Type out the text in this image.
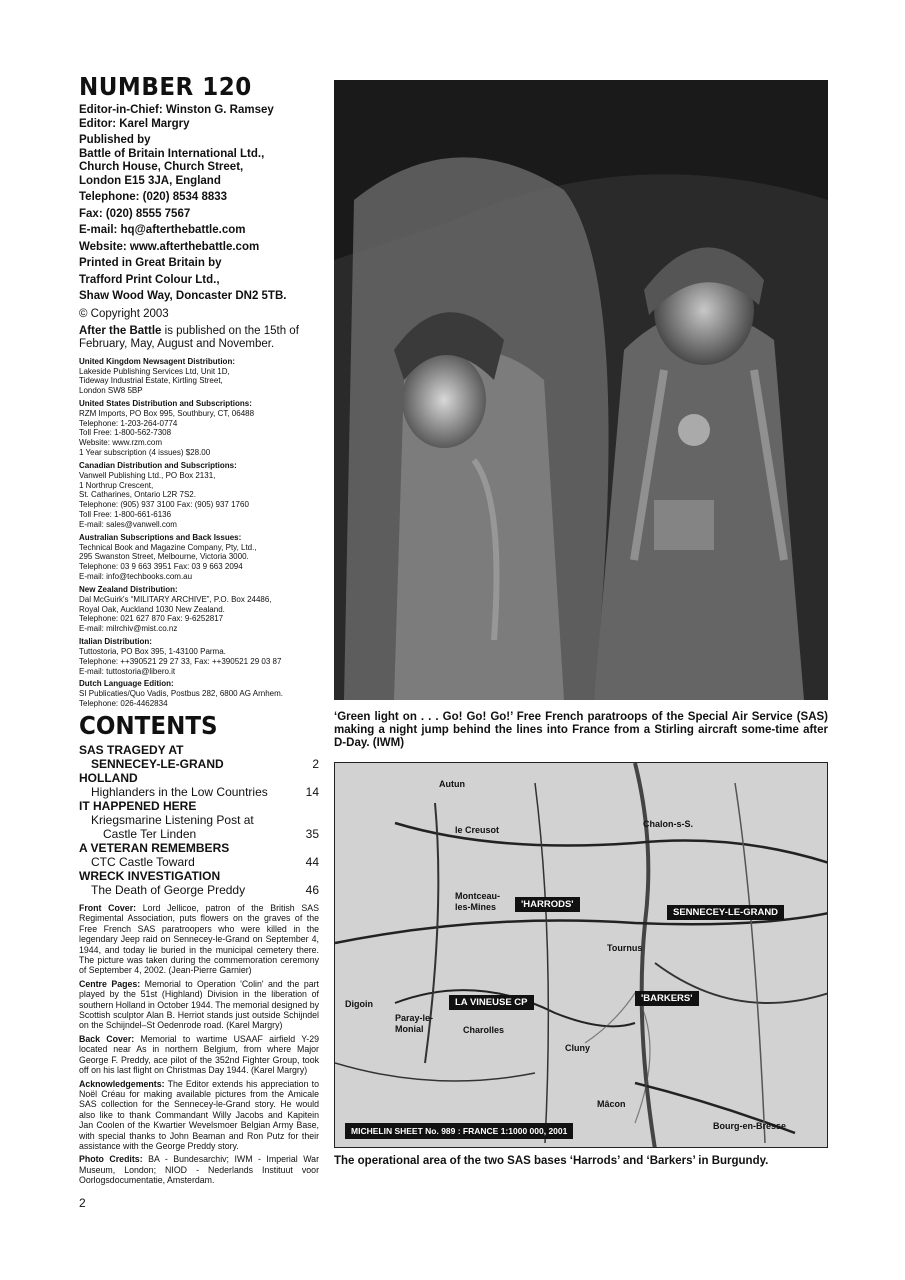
NUMBER 120
Editor-in-Chief: Winston G. Ramsey
Editor: Karel Margry
Published by
Battle of Britain International Ltd.,
Church House, Church Street,
London E15 3JA, England
Telephone: (020) 8534 8833
Fax: (020) 8555 7567
E-mail: hq@afterthebattle.com
Website: www.afterthebattle.com
Printed in Great Britain by
Trafford Print Colour Ltd.,
Shaw Wood Way, Doncaster DN2 5TB.
© Copyright 2003
After the Battle is published on the 15th of February, May, August and November.
United Kingdom Newsagent Distribution:
Lakeside Publishing Services Ltd, Unit 1D,
Tideway Industrial Estate, Kirtling Street,
London SW8 5BP
United States Distribution and Subscriptions:
RZM Imports, PO Box 995, Southbury, CT, 06488
Telephone: 1-203-264-0774
Toll Free: 1-800-562-7308
Website: www.rzm.com
1 Year subscription (4 issues) $28.00
Canadian Distribution and Subscriptions:
Vanwell Publishing Ltd., PO Box 2131,
1 Northrup Crescent,
St. Catharines, Ontario L2R 7S2.
Telephone: (905) 937 3100 Fax: (905) 937 1760
Toll Free: 1-800-661-6136
E-mail: sales@vanwell.com
Australian Subscriptions and Back Issues:
Technical Book and Magazine Company, Pty, Ltd.,
295 Swanston Street, Melbourne, Victoria 3000.
Telephone: 03 9 663 3951 Fax: 03 9 663 2094
E-mail: info@techbooks.com.au
New Zealand Distribution:
Dal McGuirk's “MILITARY ARCHIVE”, P.O. Box 24486,
Royal Oak, Auckland 1030 New Zealand.
Telephone: 021 627 870 Fax: 9-6252817
E-mail: milrchiv@mist.co.nz
Italian Distribution:
Tuttostoria, PO Box 395, 1-43100 Parma.
Telephone: ++390521 29 27 33, Fax: ++390521 29 03 87
E-mail: tuttostoria@libero.it
Dutch Language Edition:
SI Publicaties/Quo Vadis, Postbus 282, 6800 AG Arnhem.
Telephone: 026-4462834
CONTENTS
SAS TRAGEDY AT
SENNECEY-LE-GRAND	2
HOLLAND
Highlanders in the Low Countries	14
IT HAPPENED HERE
Kriegsmarine Listening Post at
Castle Ter Linden	35
A VETERAN REMEMBERS
CTC Castle Toward	44
WRECK INVESTIGATION
The Death of George Preddy	46

Front Cover: Lord Jellicoe, patron of the British SAS Regimental Association, puts flowers on the graves of the Free French SAS paratroopers who were killed in the legendary Jeep raid on Sennecey-le-Grand on September 4, 1944, and today lie buried in the municipal cemetery there. The picture was taken during the commemoration ceremony of September 4, 2002. (Jean-Pierre Garnier)

Centre Pages: Memorial to Operation 'Colin' and the part played by the 51st (Highland) Division in the liberation of southern Holland in October 1944. The memorial designed by Scottish sculptor Alan B. Herriot stands just outside Schijndel on the Schijndel–St Oedenrode road. (Karel Margry)

Back Cover: Memorial to wartime USAAF airfield Y-29 located near As in northern Belgium, from where Major George F. Preddy, ace pilot of the 352nd Fighter Group, took off on his last flight on Christmas Day 1944. (Karel Margry)

Acknowledgements: The Editor extends his appreciation to Noël Créau for making available pictures from the Amicale SAS collection for the Sennecey-le-Grand story. He would also like to thank Commandant Willy Jacobs and Kapitein Jan Coolen of the Kwartier Wevelsmoer Belgian Army Base, with special thanks to John Beaman and Ron Putz for their assistance with the George Preddy story.

Photo Credits: BA - Bundesarchiv; IWM - Imperial War Museum, London; NIOD - Nederlands Instituut voor Oorlogsdocumentatie, Amsterdam.

‘Green light on . . . Go! Go! Go!’ Free French paratroops of the Special Air Service (SAS) making a night jump behind the lines into France from a Stirling aircraft some-time after D-Day. (IWM)
Autun
le Creusot
Chalon-s-S.
Montceau-les-Mines
Tournus
Cluny
Charolles
Mâcon
Bourg-en-Bresse
Paray-le-Monial
Digoin
'HARRODS'
SENNECEY-LE-GRAND
LA VINEUSE CP	'BARKERS'
MICHELIN SHEET No. 989 : FRANCE 1:1000 000, 2001
The operational area of the two SAS bases ‘Harrods’ and ‘Barkers’ in Burgundy.
2
